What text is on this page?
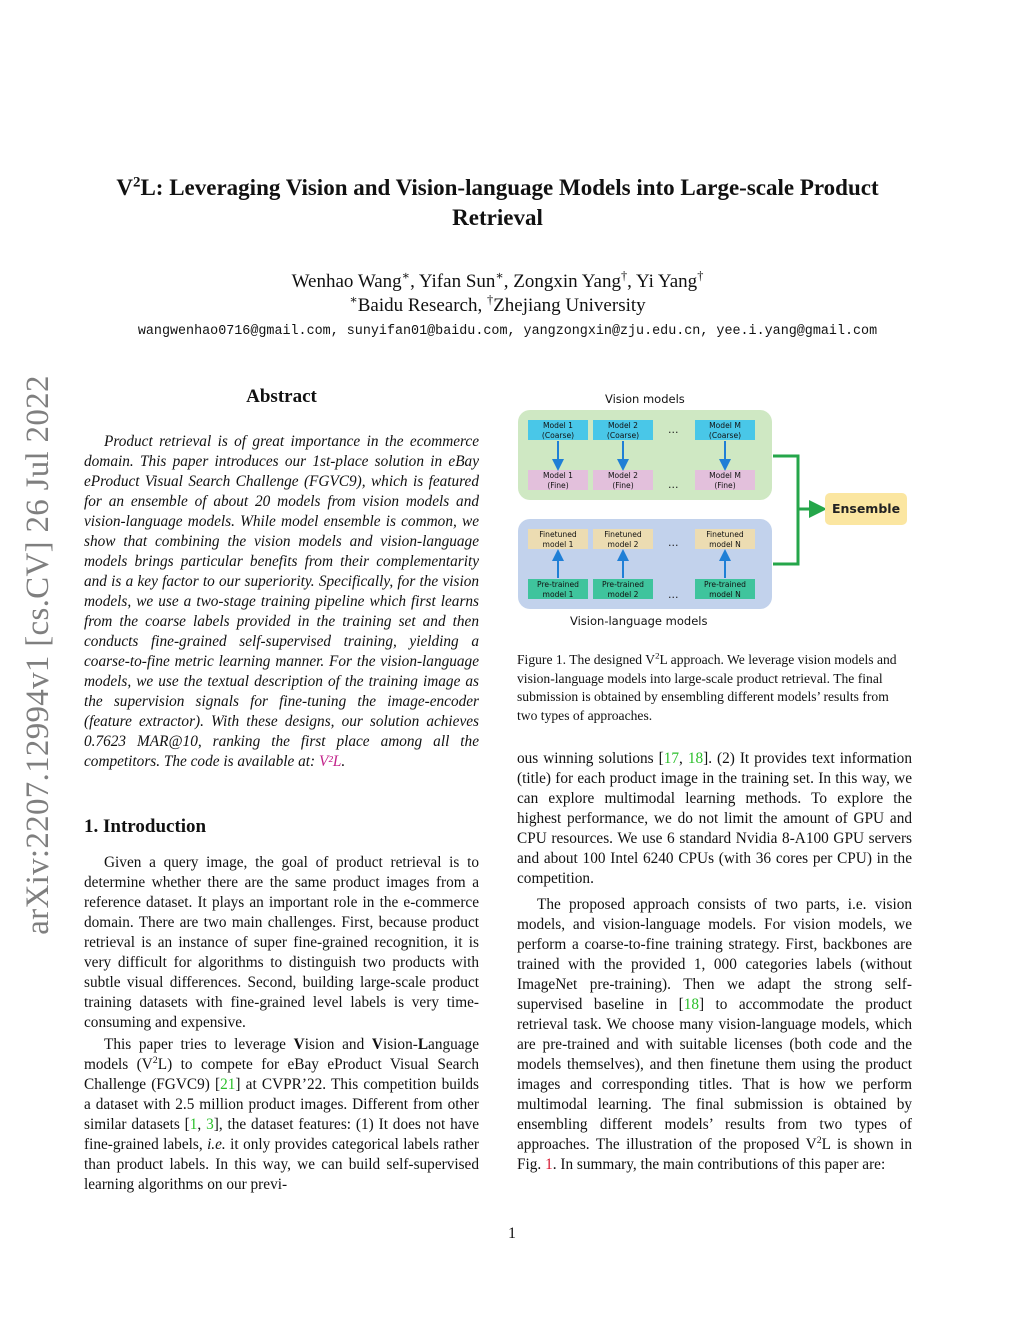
arXiv:2207.12994v1 [cs.CV] 26 Jul 2022
$V^2L$: Leveraging Vision and Vision-language Models into Large-scale Product
Retrieval
Wenhao Wang∗, Yifan Sun∗, Zongxin Yang†, Yi Yang†
∗Baidu Research, †Zhejiang University
wangwenhao0716@gmail.com, sunyifan01@baidu.com, yangzongxin@zju.edu.cn, yee.i.yang@gmail.com
Abstract

Product retrieval is of great importance in the ecommerce domain. This paper introduces our 1st-place solution in eBay eProduct Visual Search Challenge (FGVC9), which is featured for an ensemble of about 20 models from vision models and vision-language models. While model ensemble is common, we show that combining the vision models and vision-language models brings particular benefits from their complementarity and is a key factor to our superiority. Specifically, for the vision models, we use a two-stage training pipeline which first learns from the coarse labels provided in the training set and then conducts fine-grained self-supervised training, yielding a coarse-to-fine metric learning manner. For the vision-language models, we use the textual description of the training image as the supervision signals for fine-tuning the image-encoder (feature extractor). With these designs, our solution achieves 0.7623 MAR@10, ranking the first place among all the competitors. The code is available at: V²L.

1. Introduction

Given a query image, the goal of product retrieval is to determine whether there are the same product images from a reference dataset. It plays an important role in the e-commerce domain. There are two main challenges. First, because product retrieval is an instance of super fine-grained recognition, it is very difficult for algorithms to distinguish two products with subtle visual differences. Second, building large-scale product training datasets with fine-grained level labels is very time-consuming and expensive.

This paper tries to leverage Vision and Vision-Language models $(V^2L)$ to compete for eBay eProduct Visual Search Challenge (FGVC9) [21] at CVPR’22. This competition builds a dataset with 2.5 million product images. Different from other similar datasets [1, 3], the dataset features: (1) It does not have fine-grained labels, i.e. it only provides categorical labels rather than product labels. In this way, we can build self-supervised learning algorithms on our previ-

Vision models
Model 1
(Coarse)
Model 2
(Coarse)	...	Model M
(Coarse)
Model 1
(Fine)
Model 2
(Fine)	...
Model M
(Fine)
Finetuned
model 1
Finetuned
model 2	...
Finetuned
model N
Pre-trained
model 1
Pre-trained
model 2	...
Pre-trained
model N
Ensemble
Vision-language models
Figure 1. The designed $V^2L$ approach. We leverage vision models and vision-language models into large-scale product retrieval. The final submission is obtained by ensembling different models’ results from two types of approaches.

ous winning solutions [17, 18]. (2) It provides text information (title) for each product image in the training set. In this way, we can explore multimodal learning methods. To explore the highest performance, we do not limit the amount of GPU and CPU resources. We use 6 standard Nvidia 8-A100 GPU servers and about 100 Intel 6240 CPUs (with 36 cores per CPU) in the competition.

The proposed approach consists of two parts, i.e. vision models, and vision-language models. For vision models, we perform a coarse-to-fine training strategy. First, backbones are trained with the provided 1, 000 categories labels (without ImageNet pre-training). Then we adapt the strong self-supervised baseline in [18] to accommodate the product retrieval task. We choose many vision-language models, which are pre-trained and with suitable licenses (both code and the models themselves), and then finetune them using the product images and corresponding titles. That is how we perform multimodal learning. The final submission is obtained by ensembling different models’ results from two types of approaches. The illustration of the proposed $V^2L$ is shown in Fig. 1. In summary, the main contributions of this paper are:

1
